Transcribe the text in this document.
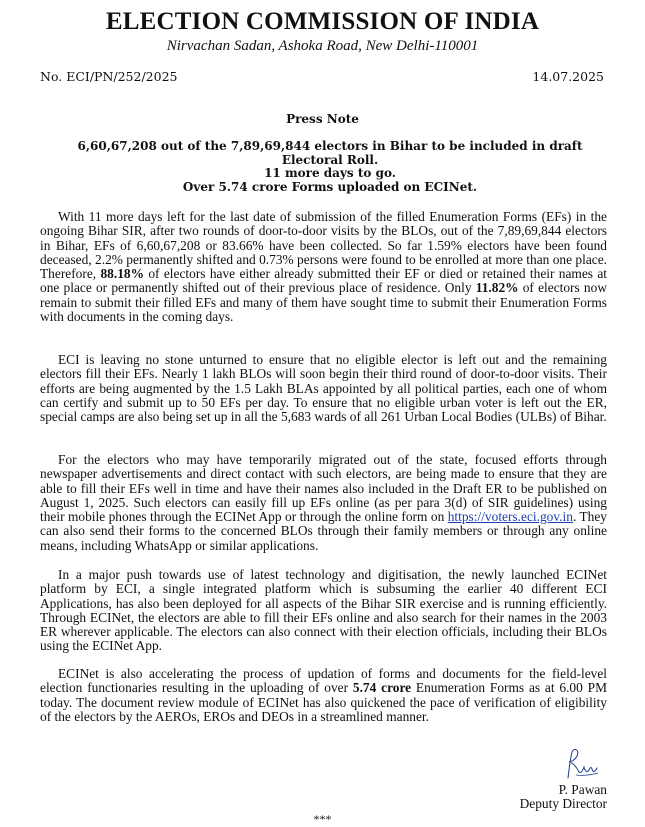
ELECTION COMMISSION OF INDIA
Nirvachan Sadan, Ashoka Road, New Delhi-110001
No. ECI/PN/252/2025	14.07.2025
Press Note
6,60,67,208 out of the 7,89,69,844 electors in Bihar to be included in draft Electoral Roll.
11 more days to go.
Over 5.74 crore Forms uploaded on ECINet.
With 11 more days left for the last date of submission of the filled Enumeration Forms (EFs) in the ongoing Bihar SIR, after two rounds of door-to-door visits by the BLOs, out of the 7,89,69,844 electors in Bihar, EFs of 6,60,67,208 or 83.66% have been collected. So far 1.59% electors have been found deceased, 2.2% permanently shifted and 0.73% persons were found to be enrolled at more than one place. Therefore, 88.18% of electors have either already submitted their EF or died or retained their names at one place or permanently shifted out of their previous place of residence. Only 11.82% of electors now remain to submit their filled EFs and many of them have sought time to submit their Enumeration Forms with documents in the coming days.
ECI is leaving no stone unturned to ensure that no eligible elector is left out and the remaining electors fill their EFs. Nearly 1 lakh BLOs will soon begin their third round of door-to-door visits. Their efforts are being augmented by the 1.5 Lakh BLAs appointed by all political parties, each one of whom can certify and submit up to 50 EFs per day. To ensure that no eligible urban voter is left out the ER, special camps are also being set up in all the 5,683 wards of all 261 Urban Local Bodies (ULBs) of Bihar.
For the electors who may have temporarily migrated out of the state, focused efforts through newspaper advertisements and direct contact with such electors, are being made to ensure that they are able to fill their EFs well in time and have their names also included in the Draft ER to be published on August 1, 2025. Such electors can easily fill up EFs online (as per para 3(d) of SIR guidelines) using their mobile phones through the ECINet App or through the online form on https://voters.eci.gov.in. They can also send their forms to the concerned BLOs through their family members or through any online means, including WhatsApp or similar applications.
In a major push towards use of latest technology and digitisation, the newly launched ECINet platform by ECI, a single integrated platform which is subsuming the earlier 40 different ECI Applications, has also been deployed for all aspects of the Bihar SIR exercise and is running efficiently. Through ECINet, the electors are able to fill their EFs online and also search for their names in the 2003 ER wherever applicable. The electors can also connect with their election officials, including their BLOs using the ECINet App.
ECINet is also accelerating the process of updation of forms and documents for the field-level election functionaries resulting in the uploading of over 5.74 crore Enumeration Forms as at 6.00 PM today. The document review module of ECINet has also quickened the pace of verification of eligibility of the electors by the AEROs, EROs and DEOs in a streamlined manner.
P. Pawan
Deputy Director
***
